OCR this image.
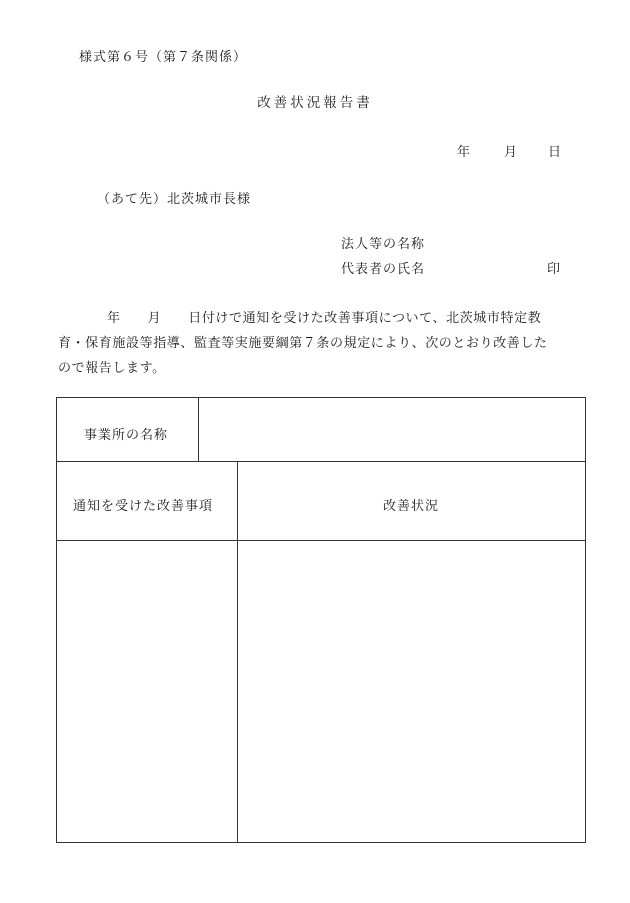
様式第６号（第７条関係）
改善状況報告書
年	月 日
（あて先）北茨城市長様
法人等の名称
代表者の氏名	印
年 月 日付けで通知を受けた改善事項について、北茨城市特定教
育・保育施設等指導、監査等実施要綱第７条の規定により、次のとおり改善した
ので報告します。
事業所の名称
通知を受けた改善事項	改善状況
